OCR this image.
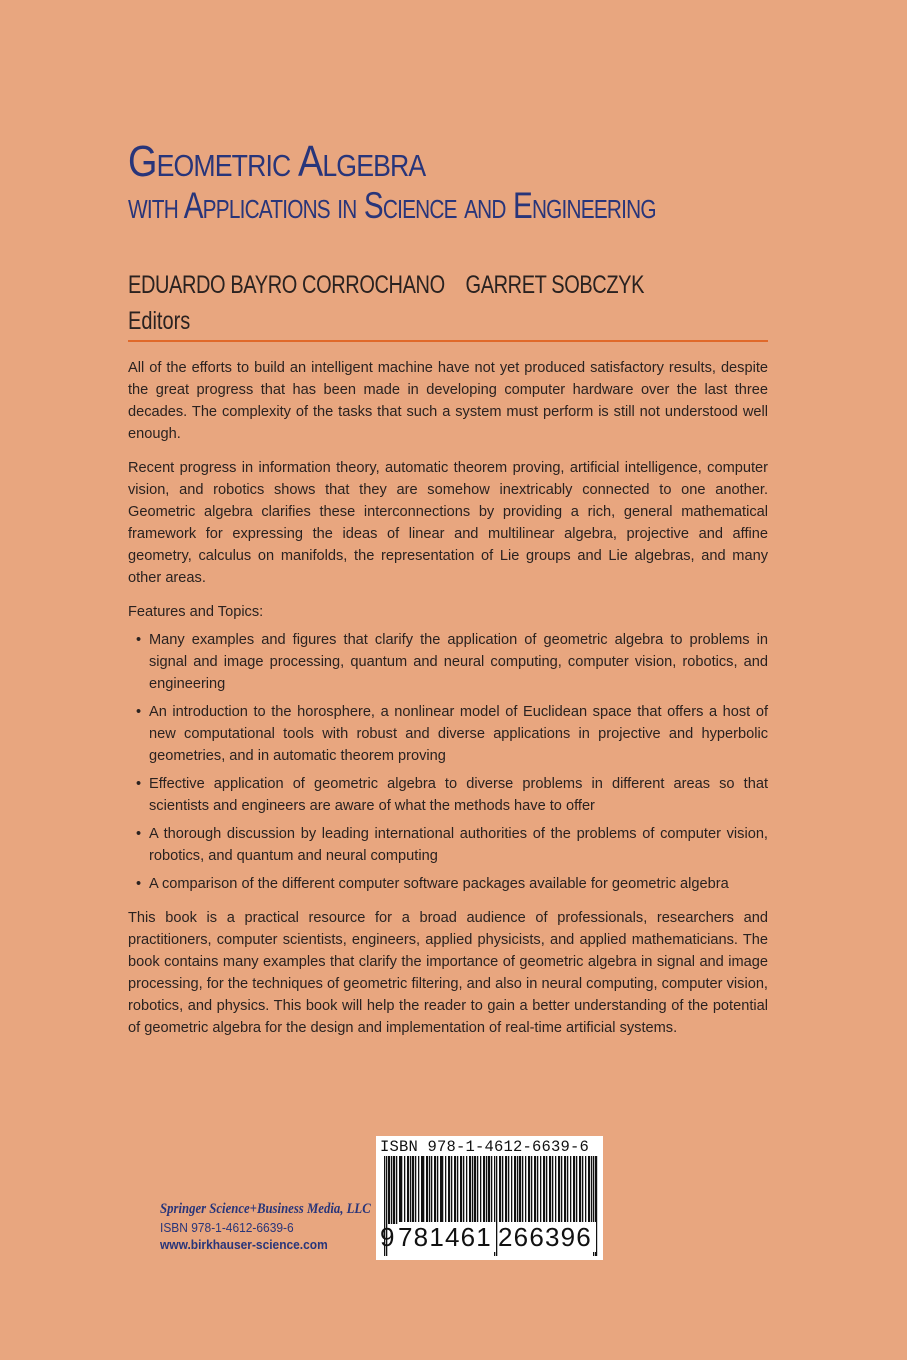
Geometric Algebra
with Applications in Science and Engineering
EDUARDO BAYRO CORROCHANO GARRET SOBCZYK
Editors

All of the efforts to build an intelligent machine have not yet produced satisfactory results, despite the great progress that has been made in developing computer hardware over the last three decades. The complexity of the tasks that such a system must perform is still not understood well enough.

Recent progress in information theory, automatic theorem proving, artificial intelligence, computer vision, and robotics shows that they are somehow inextricably connected to one another. Geometric algebra clarifies these interconnections by providing a rich, general mathematical framework for expressing the ideas of linear and multilinear algebra, projective and affine geometry, calculus on manifolds, the representation of Lie groups and Lie algebras, and many other areas.

Features and Topics:

• Many examples and figures that clarify the application of geometric algebra to problems in signal and image processing, quantum and neural computing, computer vision, robotics, and engineering
• An introduction to the horosphere, a nonlinear model of Euclidean space that offers a host of new computational tools with robust and diverse applications in projective and hyperbolic geometries, and in automatic theorem proving
• Effective application of geometric algebra to diverse problems in different areas so that scientists and engineers are aware of what the methods have to offer
• A thorough discussion by leading international authorities of the problems of computer vision, robotics, and quantum and neural computing
• A comparison of the different computer software packages available for geometric algebra

This book is a practical resource for a broad audience of professionals, researchers and practitioners, computer scientists, engineers, applied physicists, and applied mathematicians. The book contains many examples that clarify the importance of geometric algebra in signal and image processing, for the techniques of geometric filtering, and also in neural computing, computer vision, robotics, and physics. This book will help the reader to gain a better understanding of the potential of geometric algebra for the design and implementation of real-time artificial systems.

Springer Science+Business Media, LLC
ISBN 978-1-4612-6639-6
www.birkhauser-science.com
ISBN 978-1-4612-6639-6
9 781461 266396
